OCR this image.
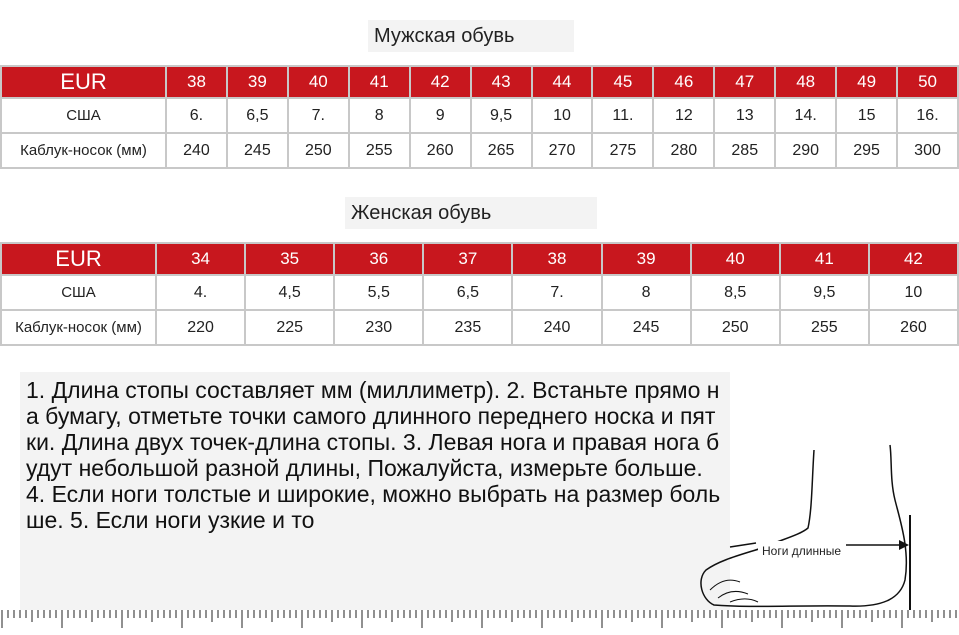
Мужская обувь
EUR	38	39	40	41	42	43	44	45	46	47	48	49	50
США	6.	6,5	7.	8	9	9,5	10	11.	12	13	14.	15	16.
Каблук-носок (мм)	240	245	250	255	260	265	270	275	280	285	290	295	300
Женская обувь
EUR	34	35	36	37	38	39	40	41	42
США	4.	4,5	5,5	6,5	7.	8	8,5	9,5	10
Каблук-носок (мм)	220	225	230	235	240	245	250	255	260
1. Длина стопы составляет мм (миллиметр). 2. Встаньте прямо на бумагу, отметьте точки самого длинного переднего носка и пятки. Длина двух точек-длина стопы. 3. Левая нога и правая нога будут небольшой разной длины, Пожалуйста, измерьте больше. 4. Если ноги толстые и широкие, можно выбрать на размер больше. 5. Если ноги узкие и то
Ноги длинные
